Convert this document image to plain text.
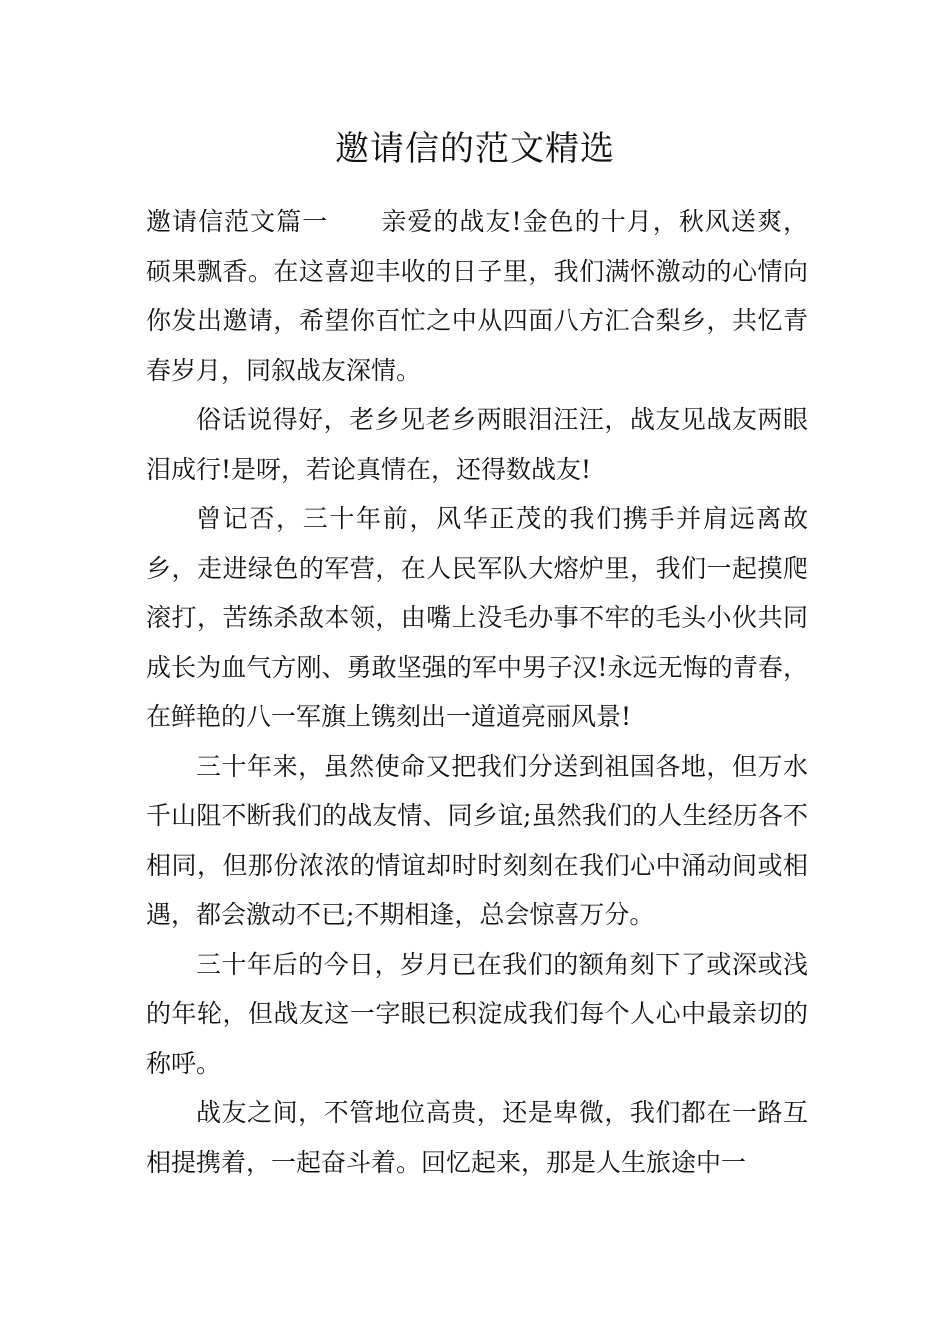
邀请信的范文精选

邀请信范文篇一 亲爱的战友!金色的十月，秋风送爽，硕果飘香。在这喜迎丰收的日子里，我们满怀激动的心情向你发出邀请，希望你百忙之中从四面八方汇合梨乡，共忆青春岁月，同叙战友深情。

俗话说得好，老乡见老乡两眼泪汪汪，战友见战友两眼泪成行!是呀，若论真情在，还得数战友!

曾记否，三十年前，风华正茂的我们携手并肩远离故乡，走进绿色的军营，在人民军队大熔炉里，我们一起摸爬滚打，苦练杀敌本领，由嘴上没毛办事不牢的毛头小伙共同成长为血气方刚、勇敢坚强的军中男子汉!永远无悔的青春，在鲜艳的八一军旗上镌刻出一道道亮丽风景!

三十年来，虽然使命又把我们分送到祖国各地，但万水千山阻不断我们的战友情、同乡谊;虽然我们的人生经历各不相同，但那份浓浓的情谊却时时刻刻在我们心中涌动间或相遇，都会激动不已;不期相逢，总会惊喜万分。

三十年后的今日，岁月已在我们的额角刻下了或深或浅的年轮，但战友这一字眼已积淀成我们每个人心中最亲切的称呼。

战友之间，不管地位高贵，还是卑微，我们都在一路互相提携着，一起奋斗着。回忆起来，那是人生旅途中一
